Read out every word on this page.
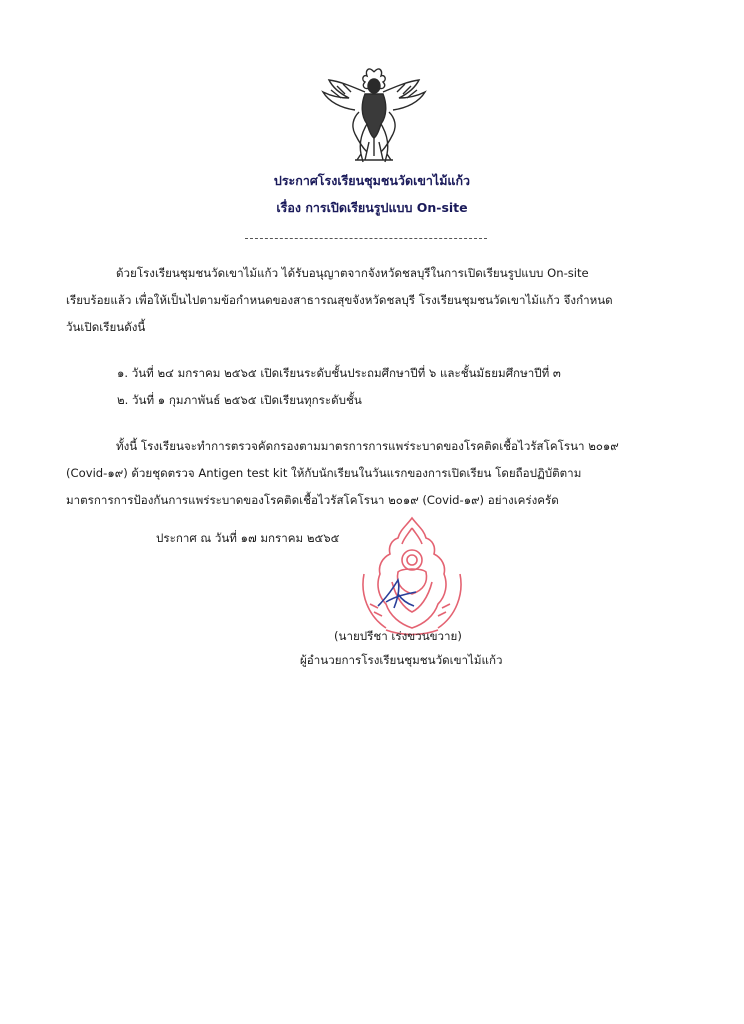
ประกาศโรงเรียนชุมชนวัดเขาไม้แก้ว
เรื่อง การเปิดเรียนรูปแบบ On-site
ด้วยโรงเรียนชุมชนวัดเขาไม้แก้ว ได้รับอนุญาตจากจังหวัดชลบุรีในการเปิดเรียนรูปแบบ On-site
เรียบร้อยแล้ว เพื่อให้เป็นไปตามข้อกำหนดของสาธารณสุขจังหวัดชลบุรี โรงเรียนชุมชนวัดเขาไม้แก้ว จึงกำหนด
วันเปิดเรียนดังนี้
๑. วันที่ ๒๔ มกราคม ๒๕๖๕ เปิดเรียนระดับชั้นประถมศึกษาปีที่ ๖ และชั้นมัธยมศึกษาปีที่ ๓
๒. วันที่ ๑ กุมภาพันธ์ ๒๕๖๕ เปิดเรียนทุกระดับชั้น
ทั้งนี้ โรงเรียนจะทำการตรวจคัดกรองตามมาตรการการแพร่ระบาดของโรคติดเชื้อไวรัสโคโรนา ๒๐๑๙
(Covid-๑๙) ด้วยชุดตรวจ Antigen test kit ให้กับนักเรียนในวันแรกของการเปิดเรียน โดยถือปฏิบัติตาม
มาตรการการป้องกันการแพร่ระบาดของโรคติดเชื้อไวรัสโคโรนา ๒๐๑๙ (Covid-๑๙) อย่างเคร่งครัด
ประกาศ ณ วันที่ ๑๗ มกราคม ๒๕๖๕
(นายปรีชา เร่งขวนขวาย)
ผู้อำนวยการโรงเรียนชุมชนวัดเขาไม้แก้ว
